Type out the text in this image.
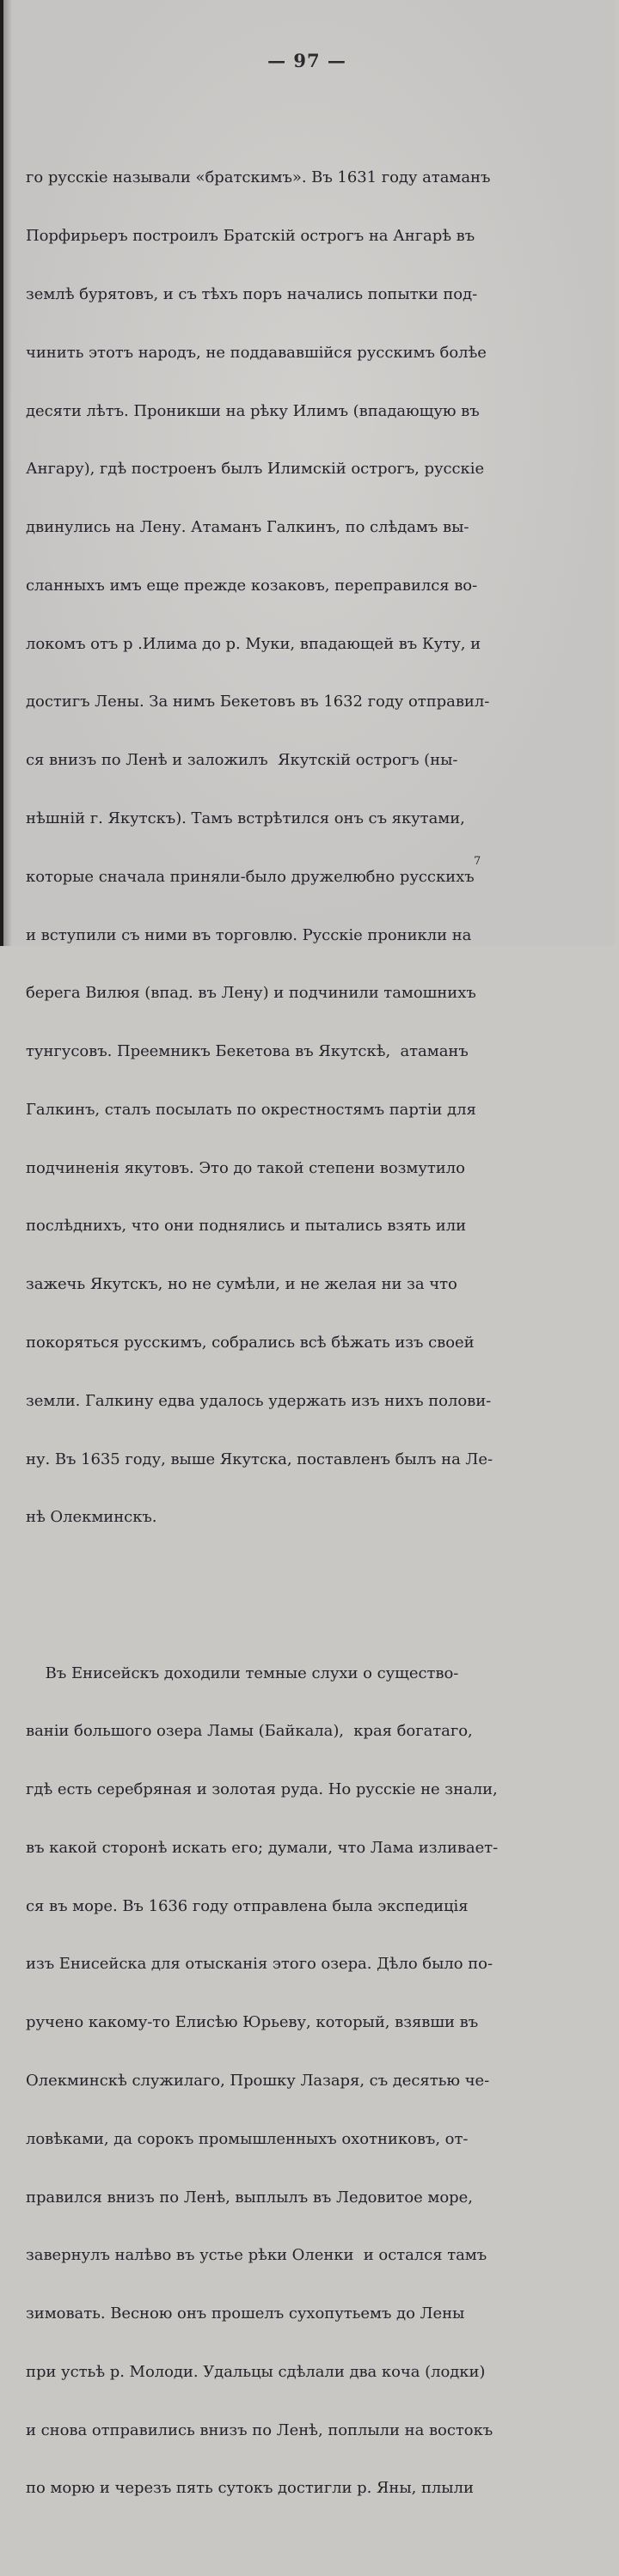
— 97 —

го русскіе называли «братскимъ». Въ 1631 году атаманъ

Порфирьеръ построилъ Братскій острогъ на Ангарѣ въ

землѣ бурятовъ, и съ тѣхъ поръ начались попытки под-

чинить этотъ народъ, не поддававшійся русскимъ болѣе

десяти лѣтъ. Проникши на рѣку Илимъ (впадающую въ

Ангару), гдѣ построенъ былъ Илимскій острогъ, русскіе

двинулись на Лену. Атаманъ Галкинъ, по слѣдамъ вы-

сланныхъ имъ еще прежде козаковъ, переправился во-

локомъ отъ р .Илима до р. Муки, впадающей въ Куту, и

достигъ Лены. За нимъ Бекетовъ въ 1632 году отправил-

ся внизъ по Ленѣ и заложилъ  Якутскій острогъ (ны-

нѣшній г. Якутскъ). Тамъ встрѣтился онъ съ якутами,

которые сначала приняли-было дружелюбно русскихъ

и вступили съ ними въ торговлю. Русскіе проникли на

берега Вилюя (впад. въ Лену) и подчинили тамошнихъ

тунгусовъ. Преемникъ Бекетова въ Якутскѣ,  атаманъ

Галкинъ, сталъ посылать по окрестностямъ партіи для

подчиненія якутовъ. Это до такой степени возмутило

послѣднихъ, что они поднялись и пытались взять или

зажечь Якутскъ, но не сумѣли, и не желая ни за что

покоряться русскимъ, собрались всѣ бѣжать изъ своей

земли. Галкину едва удалось удержать изъ нихъ полови-

ну. Въ 1635 году, выше Якутска, поставленъ былъ на Ле-

нѣ Олекминскъ.

Въ Енисейскъ доходили темные слухи о существо-

ваніи большого озера Ламы (Байкала),  края богатаго,

гдѣ есть серебряная и золотая руда. Но русскіе не знали,

въ какой сторонѣ искать его; думали, что Лама изливает-

ся въ море. Въ 1636 году отправлена была экспедиція

изъ Енисейска для отысканія этого озера. Дѣло было по-

ручено какому-то Елисѣю Юрьеву, который, взявши въ

Олекминскѣ служилаго, Прошку Лазаря, съ десятью че-

ловѣками, да сорокъ промышленныхъ охотниковъ, от-

правился внизъ по Ленѣ, выплылъ въ Ледовитое море,

завернулъ налѣво въ устье рѣки Оленки  и остался тамъ

зимовать. Весною онъ прошелъ сухопутьемъ до Лены

при устьѣ р. Молоди. Удальцы сдѣлали два коча (лодки)

и снова отправились внизъ по Ленѣ, поплыли на востокъ

по морю и черезъ пять сутокъ достигли р. Яны, плыли

7
